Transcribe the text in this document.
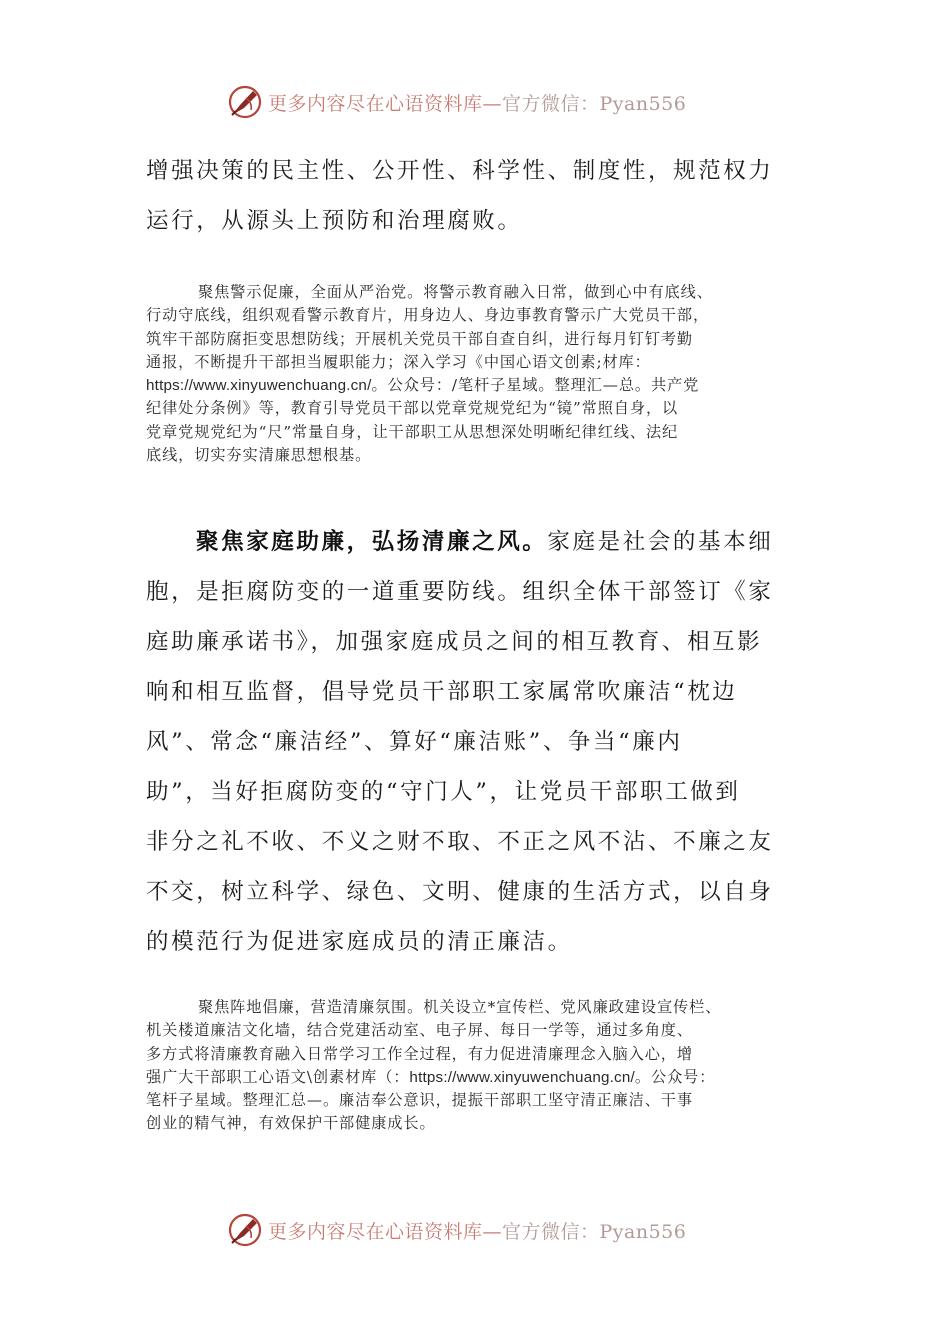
更多内容尽在心语资料库—官方微信：Pyan556
增强决策的民主性、公开性、科学性、制度性，规范权力
运行，从源头上预防和治理腐败。
聚焦警示促廉，全面从严治党。将警示教育融入日常，做到心中有底线、
行动守底线，组织观看警示教育片，用身边人、身边事教育警示广大党员干部，
筑牢干部防腐拒变思想防线；开展机关党员干部自查自纠，进行每月钉钉考勤
通报，不断提升干部担当履职能力；深入学习《中国心语文创素;材库：
https://www.xinyuwenchuang.cn/。公众号：/笔杆子星域。整理汇—总。共产党
纪律处分条例》等，教育引导党员干部以党章党规党纪为“镜”常照自身，以
党章党规党纪为“尺”常量自身，让干部职工从思想深处明晰纪律红线、法纪
底线，切实夯实清廉思想根基。
聚焦家庭助廉，弘扬清廉之风。家庭是社会的基本细
胞，是拒腐防变的一道重要防线。组织全体干部签订《家
庭助廉承诺书》，加强家庭成员之间的相互教育、相互影
响和相互监督，倡导党员干部职工家属常吹廉洁“枕边
风”、常念“廉洁经”、算好“廉洁账”、争当“廉内
助”，当好拒腐防变的“守门人”，让党员干部职工做到
非分之礼不收、不义之财不取、不正之风不沾、不廉之友
不交，树立科学、绿色、文明、健康的生活方式，以自身
的模范行为促进家庭成员的清正廉洁。
聚焦阵地倡廉，营造清廉氛围。机关设立*宣传栏、党风廉政建设宣传栏、
机关楼道廉洁文化墙，结合党建活动室、电子屏、每日一学等，通过多角度、
多方式将清廉教育融入日常学习工作全过程，有力促进清廉理念入脑入心，增
强广大干部职工心语文\创素材库（：https://www.xinyuwenchuang.cn/。公众号：
笔杆子星域。整理汇总—。廉洁奉公意识，提振干部职工坚守清正廉洁、干事
创业的精气神，有效保护干部健康成长。
更多内容尽在心语资料库—官方微信：Pyan556
